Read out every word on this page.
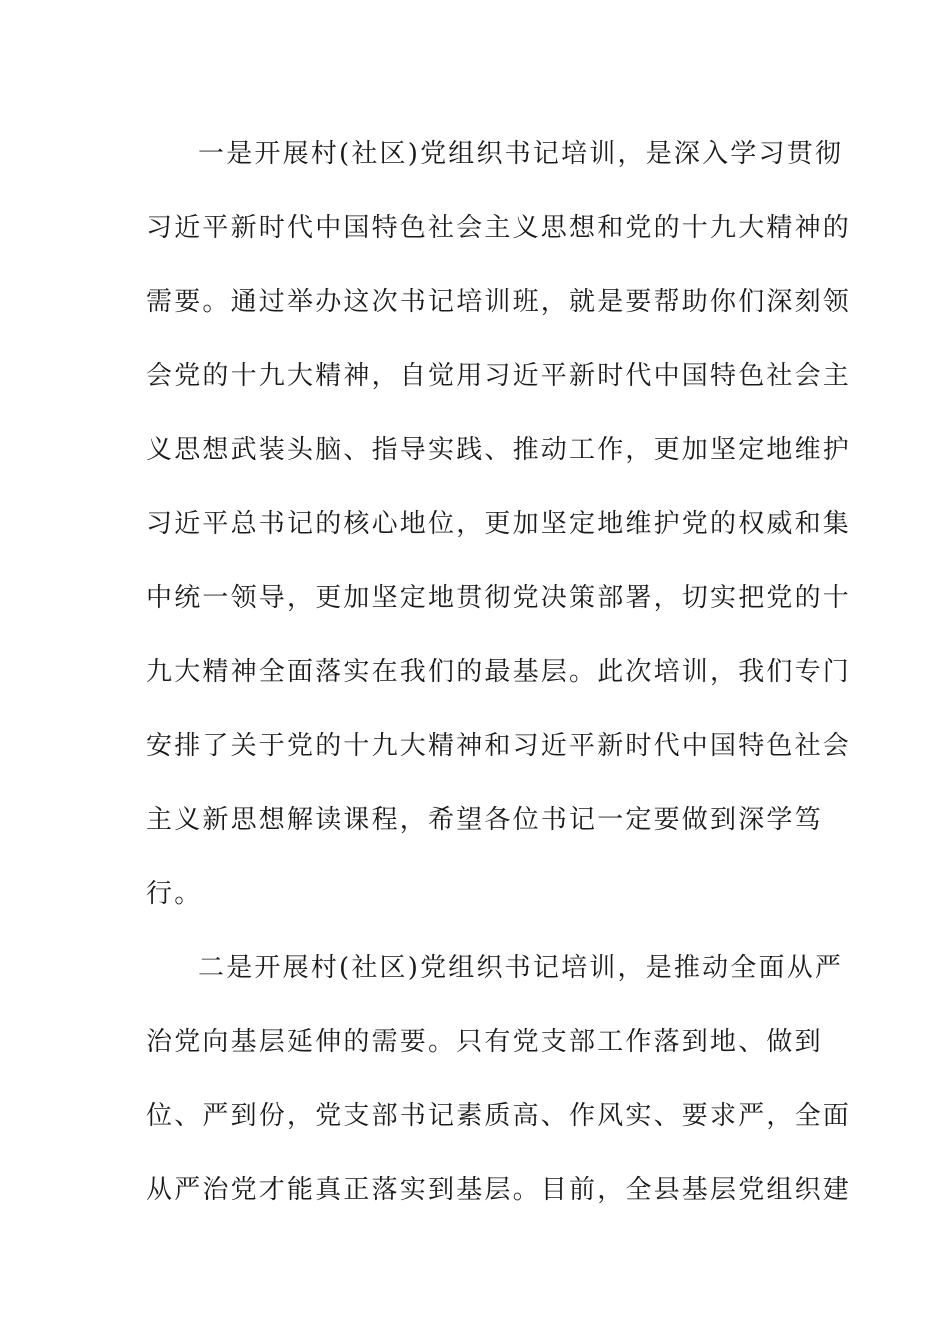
一是开展村(社区)党组织书记培训，是深入学习贯彻
习近平新时代中国特色社会主义思想和党的十九大精神的
需要。通过举办这次书记培训班，就是要帮助你们深刻领
会党的十九大精神，自觉用习近平新时代中国特色社会主
义思想武装头脑、指导实践、推动工作，更加坚定地维护
习近平总书记的核心地位，更加坚定地维护党的权威和集
中统一领导，更加坚定地贯彻党决策部署，切实把党的十
九大精神全面落实在我们的最基层。此次培训，我们专门
安排了关于党的十九大精神和习近平新时代中国特色社会
主义新思想解读课程，希望各位书记一定要做到深学笃
行。
二是开展村(社区)党组织书记培训，是推动全面从严
治党向基层延伸的需要。只有党支部工作落到地、做到
位、严到份，党支部书记素质高、作风实、要求严，全面
从严治党才能真正落实到基层。目前，全县基层党组织建
